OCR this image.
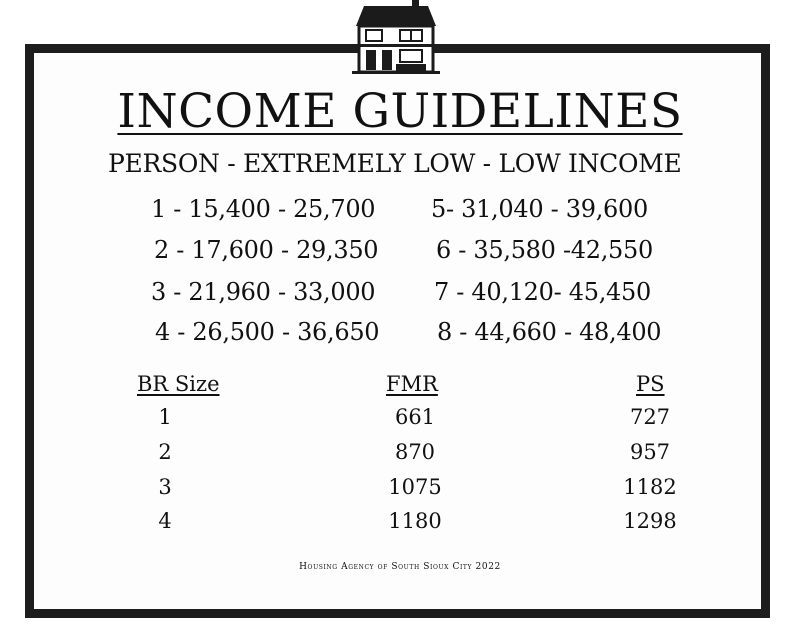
INCOME GUIDELINES
PERSON - EXTREMELY LOW - LOW INCOME
1 - 15,400 - 25,700
2 - 17,600 - 29,350
3 - 21,960 - 33,000
4 - 26,500 - 36,650
5- 31,040 - 39,600
6 - 35,580 -42,550
7 - 40,120- 45,450
8 - 44,660 - 48,400
BR Size	FMR	PS
1	661	727
2	870	957
3	1075	1182
4	1180	1298
Housing Agency of South Sioux City 2022
